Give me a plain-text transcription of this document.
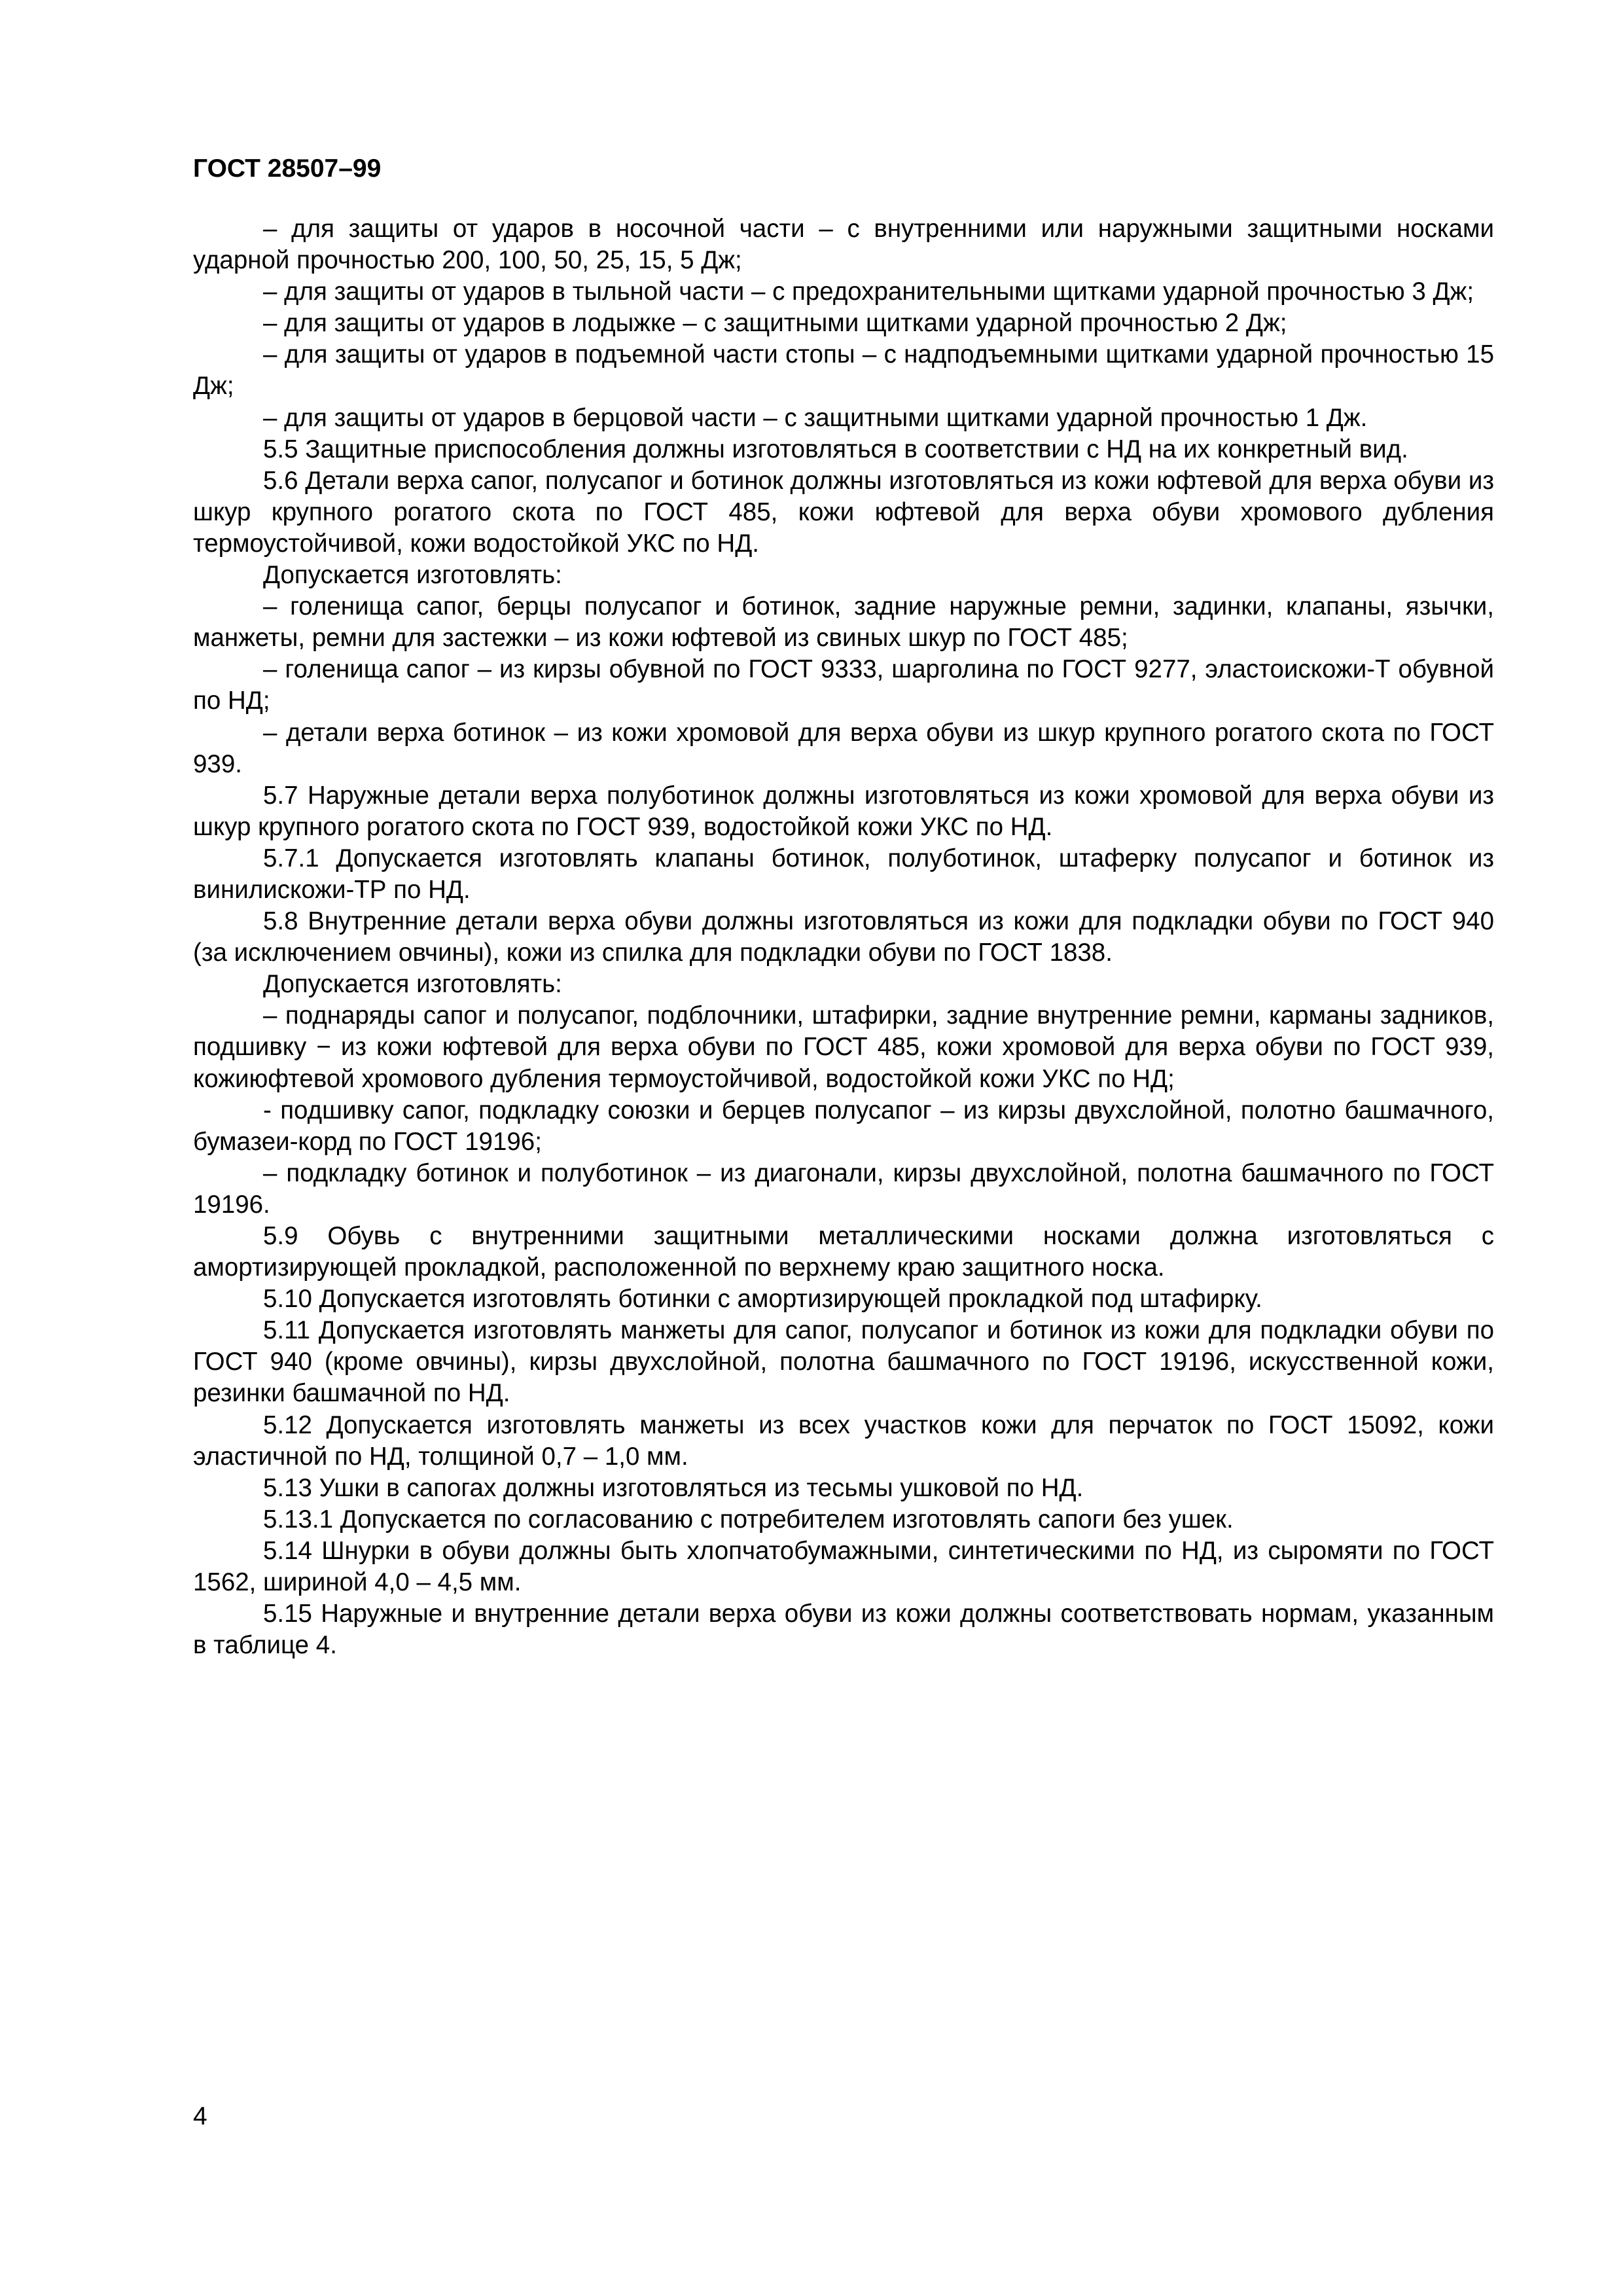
ГОСТ 28507–99

– для защиты от ударов в носочной части – с внутренними или наружными защитными носками ударной прочностью 200, 100, 50, 25, 15, 5 Дж;

– для защиты от ударов в тыльной части – с предохранительными щитками ударной прочностью 3 Дж;

– для защиты от ударов в лодыжке – с защитными щитками ударной прочностью 2 Дж;

– для защиты от ударов в подъемной части стопы – с надподъемными щитками ударной прочностью 15 Дж;

– для защиты от ударов в берцовой части – с защитными щитками ударной прочностью 1 Дж.

5.5 Защитные приспособления должны изготовляться в соответствии с НД на их конкретный вид.

5.6 Детали верха сапог, полусапог и ботинок должны изготовляться из кожи юфтевой для верха обуви из шкур крупного рогатого скота по ГОСТ 485, кожи юфтевой для верха обуви хромового дубления термоустойчивой, кожи водостойкой УКС по НД.

Допускается изготовлять:

– голенища сапог, берцы полусапог и ботинок, задние наружные ремни, задинки, клапаны, язычки, манжеты, ремни для застежки – из кожи юфтевой из свиных шкур по ГОСТ 485;

– голенища сапог – из кирзы обувной по ГОСТ 9333, шарголина по ГОСТ 9277, эластоискожи-Т обувной по НД;

– детали верха ботинок – из кожи хромовой для верха обуви из шкур крупного рогатого скота по ГОСТ 939.

5.7 Наружные детали верха полуботинок должны изготовляться из кожи хромовой для верха обуви из шкур крупного рогатого скота по ГОСТ 939, водостойкой кожи УКС по НД.

5.7.1 Допускается изготовлять клапаны ботинок, полуботинок, штаферку полусапог и ботинок из винилискожи-ТР по НД.

5.8 Внутренние детали верха обуви должны изготовляться из кожи для подкладки обуви по ГОСТ 940 (за исключением овчины), кожи из спилка для подкладки обуви по ГОСТ 1838.

Допускается изготовлять:

– поднаряды сапог и полусапог, подблочники, штафирки, задние внутренние ремни, карманы задников, подшивку − из кожи юфтевой для верха обуви по ГОСТ 485, кожи хромовой для верха обуви по ГОСТ 939, кожиюфтевой хромового дубления термоустойчивой, водостойкой кожи УКС по НД;

- подшивку сапог, подкладку союзки и берцев полусапог – из кирзы двухслойной, полотно башмачного, бумазеи-корд по ГОСТ 19196;

– подкладку ботинок и полуботинок – из диагонали, кирзы двухслойной, полотна башмачного по ГОСТ 19196.

5.9 Обувь с внутренними защитными металлическими носками должна изготовляться с амортизирующей прокладкой, расположенной по верхнему краю защитного носка.

5.10 Допускается изготовлять ботинки с амортизирующей прокладкой под штафирку.

5.11 Допускается изготовлять манжеты для сапог, полусапог и ботинок из кожи для подкладки обуви по ГОСТ 940 (кроме овчины), кирзы двухслойной, полотна башмачного по ГОСТ 19196, искусственной кожи, резинки башмачной по НД.

5.12 Допускается изготовлять манжеты из всех участков кожи для перчаток по ГОСТ 15092, кожи эластичной по НД, толщиной 0,7 – 1,0 мм.

5.13 Ушки в сапогах должны изготовляться из тесьмы ушковой по НД.

5.13.1 Допускается по согласованию с потребителем изготовлять сапоги без ушек.

5.14 Шнурки в обуви должны быть хлопчатобумажными, синтетическими по НД, из сыромяти по ГОСТ 1562, шириной 4,0 – 4,5 мм.

5.15 Наружные и внутренние детали верха обуви из кожи должны соответствовать нормам, указанным в таблице 4.

4
